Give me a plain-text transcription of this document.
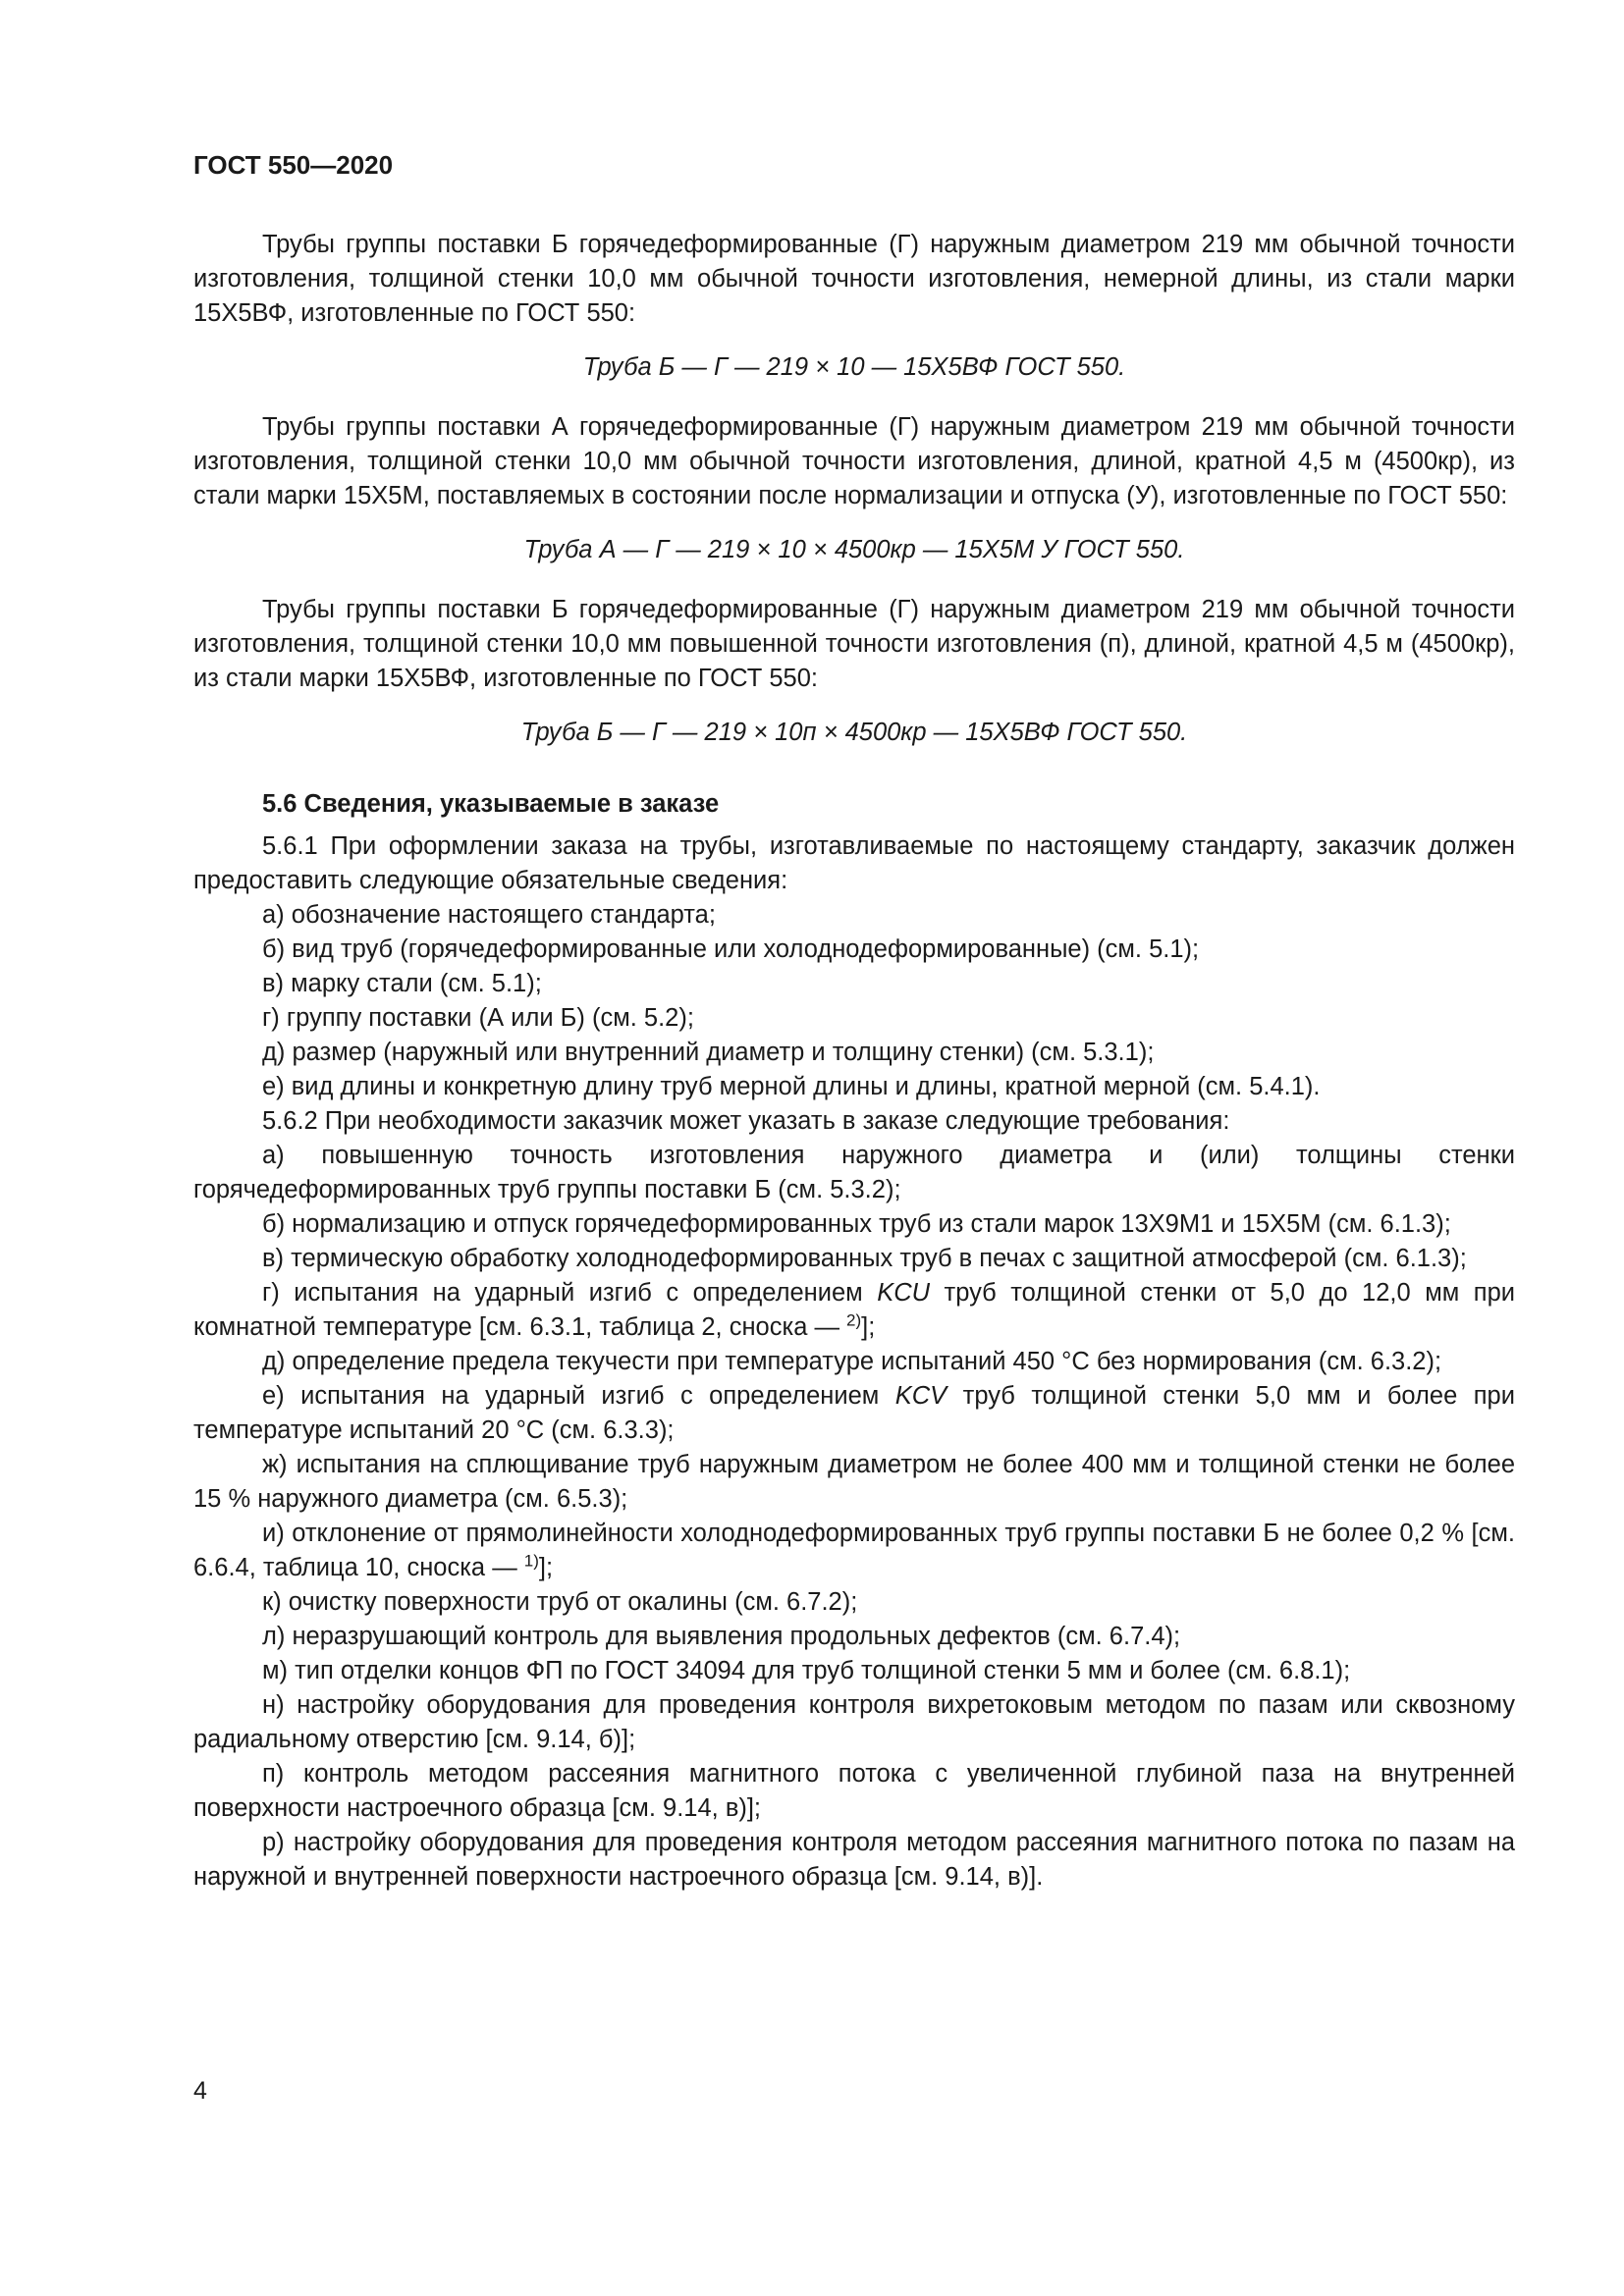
ГОСТ 550—2020

Трубы группы поставки Б горячедеформированные (Г) наружным диаметром 219 мм обычной точности изготовления, толщиной стенки 10,0 мм обычной точности изготовления, немерной длины, из стали марки 15Х5ВФ, изготовленные по ГОСТ 550:

Труба Б — Г — 219 × 10 — 15Х5ВФ ГОСТ 550.

Трубы группы поставки А горячедеформированные (Г) наружным диаметром 219 мм обычной точности изготовления, толщиной стенки 10,0 мм обычной точности изготовления, длиной, кратной 4,5 м (4500кр), из стали марки 15Х5М, поставляемых в состоянии после нормализации и отпуска (У), изготовленные по ГОСТ 550:

Труба А — Г — 219 × 10 × 4500кр — 15Х5М У ГОСТ 550.

Трубы группы поставки Б горячедеформированные (Г) наружным диаметром 219 мм обычной точности изготовления, толщиной стенки 10,0 мм повышенной точности изготовления (п), длиной, кратной 4,5 м (4500кр), из стали марки 15Х5ВФ, изготовленные по ГОСТ 550:

Труба Б — Г — 219 × 10п × 4500кр — 15Х5ВФ ГОСТ 550.

5.6 Сведения, указываемые в заказе

5.6.1 При оформлении заказа на трубы, изготавливаемые по настоящему стандарту, заказчик должен предоставить следующие обязательные сведения:

а) обозначение настоящего стандарта;

б) вид труб (горячедеформированные или холоднодеформированные) (см. 5.1);

в) марку стали (см. 5.1);

г) группу поставки (А или Б) (см. 5.2);

д) размер (наружный или внутренний диаметр и толщину стенки) (см. 5.3.1);

е) вид длины и конкретную длину труб мерной длины и длины, кратной мерной (см. 5.4.1).

5.6.2 При необходимости заказчик может указать в заказе следующие требования:

а) повышенную точность изготовления наружного диаметра и (или) толщины стенки горячедеформированных труб группы поставки Б (см. 5.3.2);

б) нормализацию и отпуск горячедеформированных труб из стали марок 13Х9М1 и 15Х5М (см. 6.1.3);

в) термическую обработку холоднодеформированных труб в печах с защитной атмосферой (см. 6.1.3);

г) испытания на ударный изгиб с определением KCU труб толщиной стенки от 5,0 до 12,0 мм при комнатной температуре [см. 6.3.1, таблица 2, сноска — $^{2)}$];

д) определение предела текучести при температуре испытаний 450 °С без нормирования (см. 6.3.2);

е) испытания на ударный изгиб с определением KCV труб толщиной стенки 5,0 мм и более при температуре испытаний 20 °С (см. 6.3.3);

ж) испытания на сплющивание труб наружным диаметром не более 400 мм и толщиной стенки не более 15 % наружного диаметра (см. 6.5.3);

и) отклонение от прямолинейности холоднодеформированных труб группы поставки Б не более 0,2 % [см. 6.6.4, таблица 10, сноска — $^{1)}$];

к) очистку поверхности труб от окалины (см. 6.7.2);

л) неразрушающий контроль для выявления продольных дефектов (см. 6.7.4);

м) тип отделки концов ФП по ГОСТ 34094 для труб толщиной стенки 5 мм и более (см. 6.8.1);

н) настройку оборудования для проведения контроля вихретоковым методом по пазам или сквозному радиальному отверстию [см. 9.14, б)];

п) контроль методом рассеяния магнитного потока с увеличенной глубиной паза на внутренней поверхности настроечного образца [см. 9.14, в)];

р) настройку оборудования для проведения контроля методом рассеяния магнитного потока по пазам на наружной и внутренней поверхности настроечного образца [см. 9.14, в)].

4
